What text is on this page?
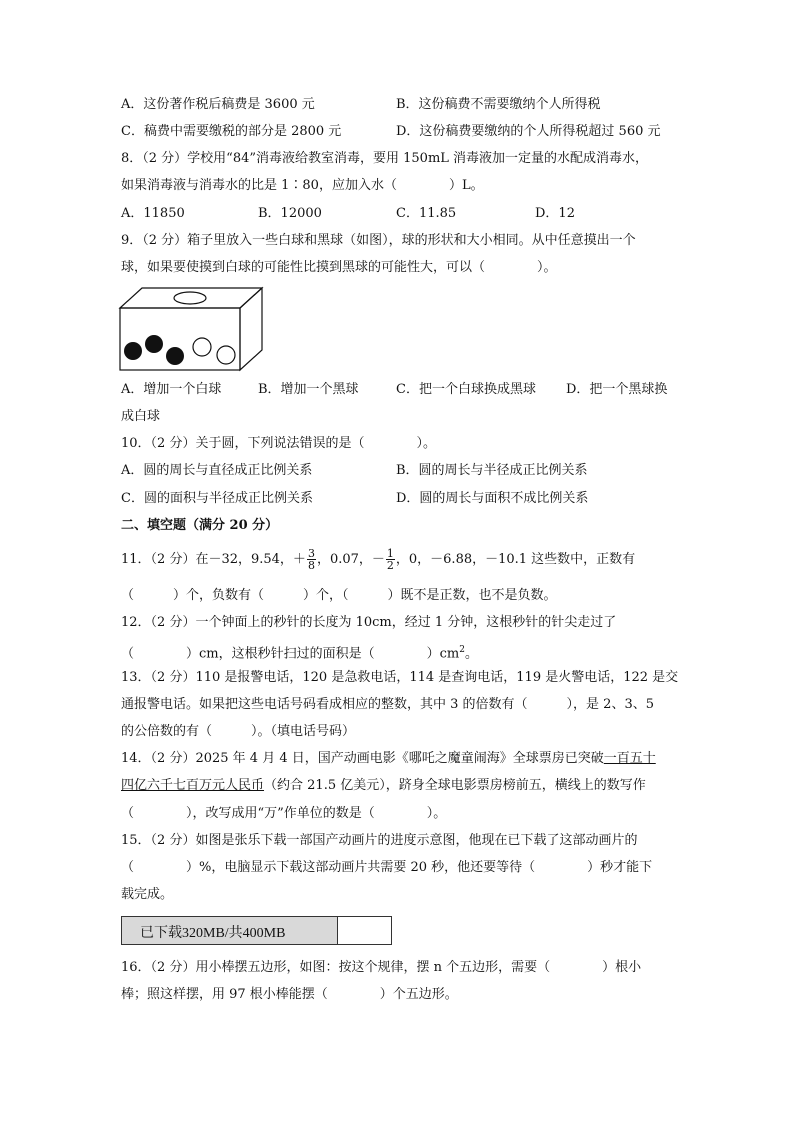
A．这份著作税后稿费是 3600 元	B．这份稿费不需要缴纳个人所得税
C．稿费中需要缴税的部分是 2800 元	D．这份稿费要缴纳的个人所得税超过 560 元
8．（2 分）学校用“84”消毒液给教室消毒，要用 150mL 消毒液加一定量的水配成消毒水，
如果消毒液与消毒水的比是 1∶80，应加入水（　　　　）L。
A．11850	B．12000	C．11.85	D．12
9．（2 分）箱子里放入一些白球和黑球（如图），球的形状和大小相同。从中任意摸出一个
球，如果要使摸到白球的可能性比摸到黑球的可能性大，可以（　　　　）。
A．增加一个白球	B．增加一个黑球	C．把一个白球换成黑球 D．把一个黑球换
成白球
10．（2 分）关于圆，下列说法错误的是（　　　　）。
A．圆的周长与直径成正比例关系	B．圆的周长与半径成正比例关系
C．圆的面积与半径成正比例关系	D．圆的周长与面积不成比例关系
二、填空题（满分 20 分）
11．（2 分）在－32，9.54，＋ $\frac{3}{8}$ ，0.07，－ $\frac{1}{2}$ ，0，－6.88，－10.1 这些数中，正数有
（　　　）个，负数有（　　　）个，（　　　）既不是正数，也不是负数。
12．（2 分）一个钟面上的秒针的长度为 10cm，经过 1 分钟，这根秒针的针尖走过了
（　　　　）cm，这根秒针扫过的面积是（　　　　）$cm^2$。
13．（2 分）110 是报警电话，120 是急救电话，114 是查询电话，119 是火警电话，122 是交
通报警电话。如果把这些电话号码看成相应的整数，其中 3 的倍数有（　　　），是 2、3、5
的公倍数的有（　　　）。（填电话号码）
14．（2 分）2025 年 4 月 4 日，国产动画电影《哪吒之魔童闹海》全球票房已突破一百五十
四亿六千七百万元人民币（约合 21.5 亿美元），跻身全球电影票房榜前五，横线上的数写作
（　　　　），改写成用“万”作单位的数是（　　　　）。
15．（2 分）如图是张乐下载一部国产动画片的进度示意图，他现在已下载了这部动画片的
（　　　　）%，电脑显示下载这部动画片共需要 20 秒，他还要等待（　　　　）秒才能下
载完成。
已下载320MB/共400MB
16．（2 分）用小棒摆五边形，如图：按这个规律，摆 n 个五边形，需要（　　　　）根小
棒；照这样摆，用 97 根小棒能摆（　　　　）个五边形。
